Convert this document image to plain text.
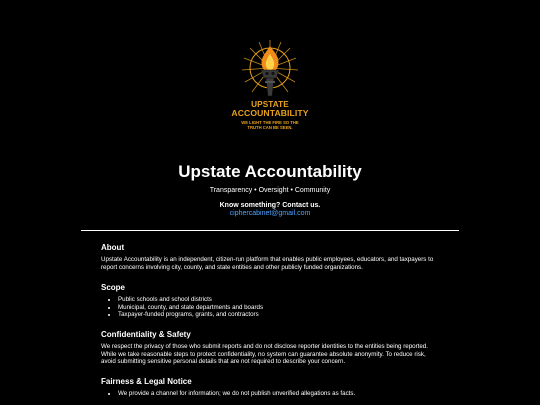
UPSTATE
ACCOUNTABILITY
WE LIGHT THE FIRE SO THE
TRUTH CAN BE SEEN.
Upstate Accountability
Transparency • Oversight • Community
Know something? Contact us.
ciphercabinet@gmail.com
About

Upstate Accountability is an independent, citizen-run platform that enables public employees, educators, and taxpayers to report concerns involving city, county, and state entities and other publicly funded organizations.

Scope
• Public schools and school districts
• Municipal, county, and state departments and boards
• Taxpayer-funded programs, grants, and contractors
Confidentiality & Safety

We respect the privacy of those who submit reports and do not disclose reporter identities to the entities being reported. While we take reasonable steps to protect confidentiality, no system can guarantee absolute anonymity. To reduce risk, avoid submitting sensitive personal details that are not required to describe your concern.

Fairness & Legal Notice
• We provide a channel for information; we do not publish unverified allegations as facts.
